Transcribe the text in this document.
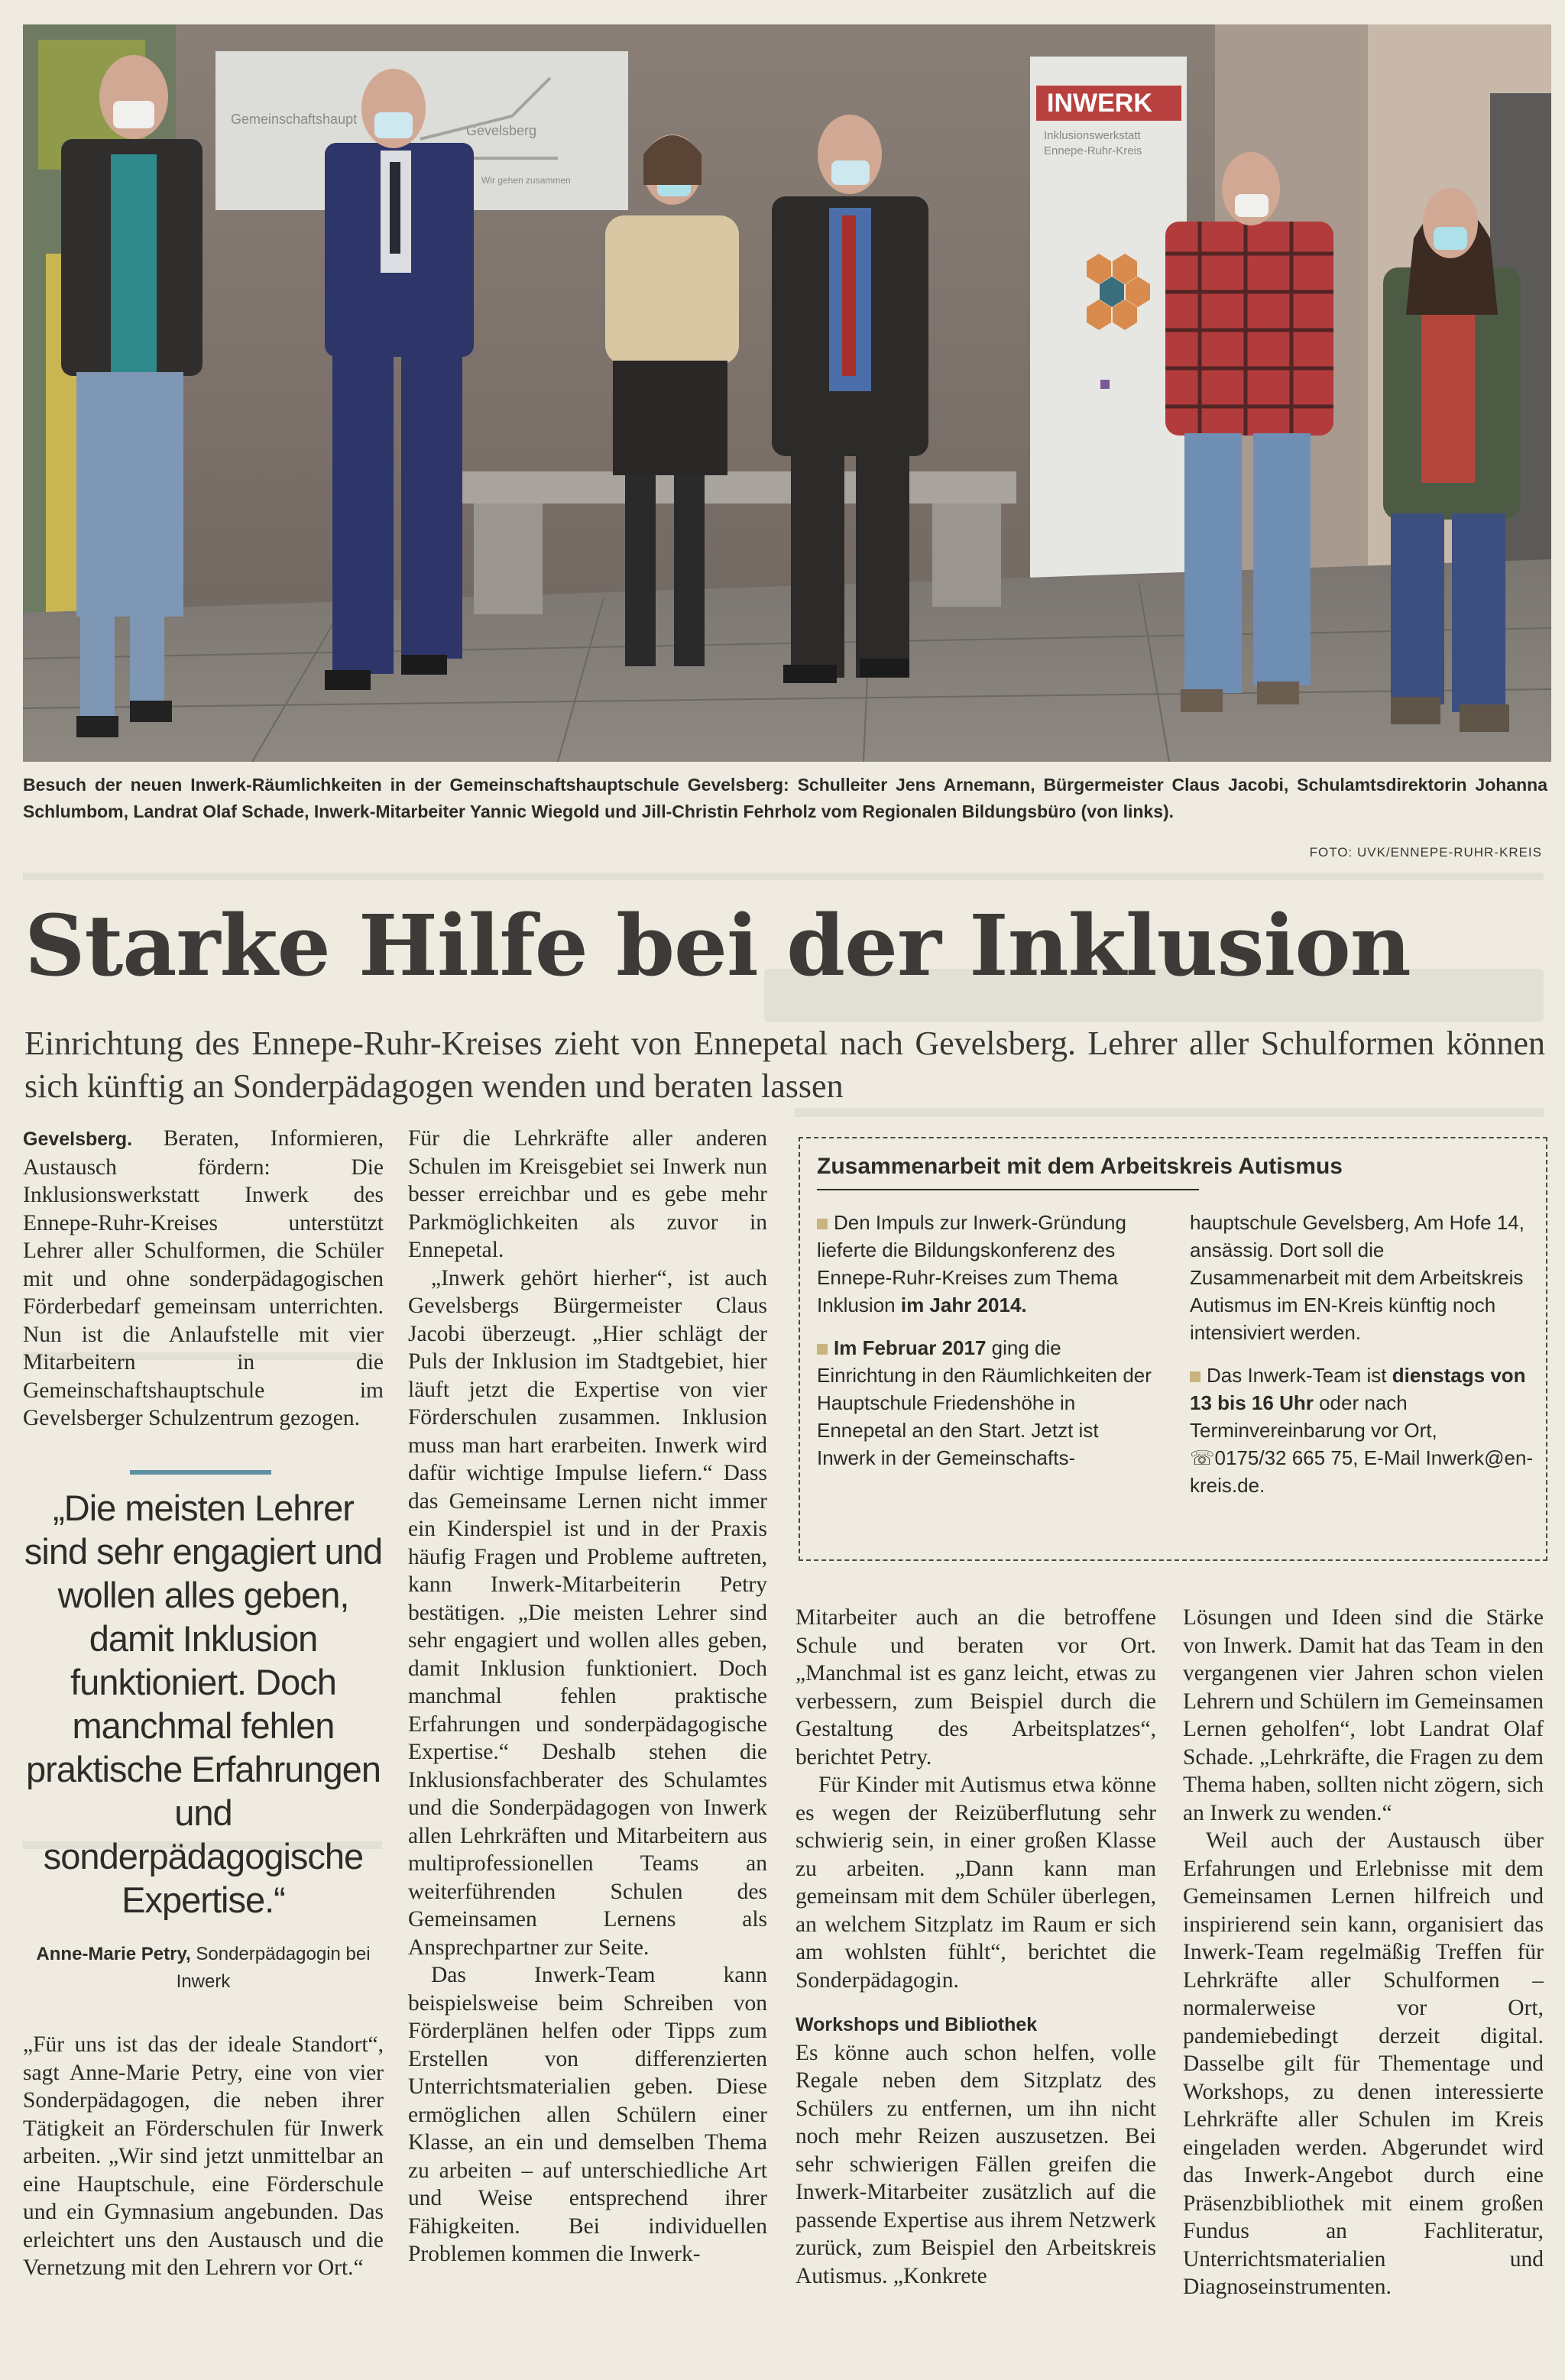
Gemeinschaftshaupt
Gevelsberg
Wir gehen zusammen
INWERK
Inklusionswerkstatt
Ennepe-Ruhr-Kreis
Besuch der neuen Inwerk-Räumlichkeiten in der Gemeinschaftshauptschule Gevelsberg: Schulleiter Jens Arnemann, Bürgermeister Claus Jacobi, Schulamtsdirektorin Johanna Schlumbom, Landrat Olaf Schade, Inwerk-Mitarbeiter Yannic Wiegold und Jill-Christin Fehrholz vom Regionalen Bildungsbüro (von links).
FOTO: UVK/ENNEPE-RUHR-KREIS
Starke Hilfe bei der Inklusion
Einrichtung des Ennepe-Ruhr-Kreises zieht von Ennepetal nach Gevelsberg. Lehrer aller Schulformen können sich künftig an Sonderpädagogen wenden und beraten lassen

Gevelsberg. Beraten, Informieren, Austausch fördern: Die Inklusionswerkstatt Inwerk des Ennepe-Ruhr-Kreises unterstützt Lehrer aller Schulformen, die Schüler mit und ohne sonderpädagogischen Förderbedarf gemeinsam unterrichten. Nun ist die Anlaufstelle mit vier Mitarbeitern in die Gemeinschaftshauptschule im Gevelsberger Schulzentrum gezogen.

„Die meisten Lehrer sind sehr engagiert und wollen alles geben, damit Inklusion funktioniert. Doch manchmal fehlen praktische Erfahrungen und sonderpädagogische Expertise.“
Anne-Marie Petry, Sonderpädagogin bei Inwerk

„Für uns ist das der ideale Standort“, sagt Anne-Marie Petry, eine von vier Sonderpädagogen, die neben ihrer Tätigkeit an Förderschulen für Inwerk arbeiten. „Wir sind jetzt unmittelbar an eine Hauptschule, eine Förderschule und ein Gymnasium angebunden. Das erleichtert uns den Austausch und die Vernetzung mit den Lehrern vor Ort.“

Für die Lehrkräfte aller anderen Schulen im Kreisgebiet sei Inwerk nun besser erreichbar und es gebe mehr Parkmöglichkeiten als zuvor in Ennepetal.

„Inwerk gehört hierher“, ist auch Gevelsbergs Bürgermeister Claus Jacobi überzeugt. „Hier schlägt der Puls der Inklusion im Stadtgebiet, hier läuft jetzt die Expertise von vier Förderschulen zusammen. Inklusion muss man hart erarbeiten. Inwerk wird dafür wichtige Impulse liefern.“ Dass das Gemeinsame Lernen nicht immer ein Kinderspiel ist und in der Praxis häufig Fragen und Probleme auftreten, kann Inwerk-Mitarbeiterin Petry bestätigen. „Die meisten Lehrer sind sehr engagiert und wollen alles geben, damit Inklusion funktioniert. Doch manchmal fehlen praktische Erfahrungen und sonderpädagogische Expertise.“ Deshalb stehen die Inklusionsfachberater des Schulamtes und die Sonderpädagogen von Inwerk allen Lehrkräften und Mitarbeitern aus multiprofessionellen Teams an weiterführenden Schulen des Gemeinsamen Lernens als Ansprechpartner zur Seite.

Das Inwerk-Team kann beispielsweise beim Schreiben von Förderplänen helfen oder Tipps zum Erstellen von differenzierten Unterrichtsmaterialien geben. Diese ermöglichen allen Schülern einer Klasse, an ein und demselben Thema zu arbeiten – auf unterschiedliche Art und Weise entsprechend ihrer Fähigkeiten. Bei individuellen Problemen kommen die Inwerk-

Zusammenarbeit mit dem Arbeitskreis Autismus

Den Impuls zur Inwerk-Gründung lieferte die Bildungskonferenz des Ennepe-Ruhr-Kreises zum Thema Inklusion im Jahr 2014.

Im Februar 2017 ging die Einrichtung in den Räumlichkeiten der Hauptschule Friedenshöhe in Ennepetal an den Start. Jetzt ist Inwerk in der Gemeinschafts-

hauptschule Gevelsberg, Am Hofe 14, ansässig. Dort soll die Zusammenarbeit mit dem Arbeitskreis Autismus im EN-Kreis künftig noch intensiviert werden.

Das Inwerk-Team ist dienstags von 13 bis 16 Uhr oder nach Terminvereinbarung vor Ort, ☏0175/32 665 75, E-Mail Inwerk@en-kreis.de.

Mitarbeiter auch an die betroffene Schule und beraten vor Ort. „Manchmal ist es ganz leicht, etwas zu verbessern, zum Beispiel durch die Gestaltung des Arbeitsplatzes“, berichtet Petry.

Für Kinder mit Autismus etwa könne es wegen der Reizüberflutung sehr schwierig sein, in einer großen Klasse zu arbeiten. „Dann kann man gemeinsam mit dem Schüler überlegen, an welchem Sitzplatz im Raum er sich am wohlsten fühlt“, berichtet die Sonderpädagogin.

Workshops und Bibliothek

Es könne auch schon helfen, volle Regale neben dem Sitzplatz des Schülers zu entfernen, um ihn nicht noch mehr Reizen auszusetzen. Bei sehr schwierigen Fällen greifen die Inwerk-Mitarbeiter zusätzlich auf die passende Expertise aus ihrem Netzwerk zurück, zum Beispiel den Arbeitskreis Autismus. „Konkrete

Lösungen und Ideen sind die Stärke von Inwerk. Damit hat das Team in den vergangenen vier Jahren schon vielen Lehrern und Schülern im Gemeinsamen Lernen geholfen“, lobt Landrat Olaf Schade. „Lehrkräfte, die Fragen zu dem Thema haben, sollten nicht zögern, sich an Inwerk zu wenden.“

Weil auch der Austausch über Erfahrungen und Erlebnisse mit dem Gemeinsamen Lernen hilfreich und inspirierend sein kann, organisiert das Inwerk-Team regelmäßig Treffen für Lehrkräfte aller Schulformen – normalerweise vor Ort, pandemiebedingt derzeit digital. Dasselbe gilt für Thementage und Workshops, zu denen interessierte Lehrkräfte aller Schulen im Kreis eingeladen werden. Abgerundet wird das Inwerk-Angebot durch eine Präsenzbibliothek mit einem großen Fundus an Fachliteratur, Unterrichtsmaterialien und Diagnoseinstrumenten.
